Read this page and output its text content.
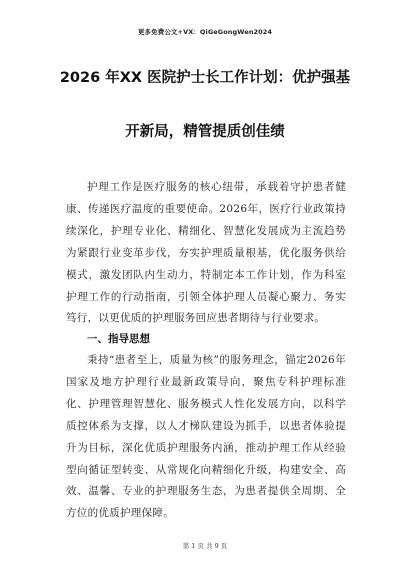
更多免费公文+VX：QiGeGongWen2024
2026 年XX 医院护士长工作计划：优护强基
开新局，精管提质创佳绩
护理工作是医疗服务的核心纽带，承载着守护患者健康、传递医疗温度的重要使命。2026年，医疗行业政策持续深化，护理专业化、精细化、智慧化发展成为主流趋势为紧跟行业变革步伐，夯实护理质量根基，优化服务供给模式，激发团队内生动力，特制定本工作计划，作为科室护理工作的行动指南，引领全体护理人员凝心聚力、务实笃行，以更优质的护理服务回应患者期待与行业要求。
一、指导思想
秉持“患者至上，质量为核”的服务理念，锚定2026年国家及地方护理行业最新政策导向，聚焦专科护理标准化、护理管理智慧化、服务模式人性化发展方向，以科学质控体系为支撑，以人才梯队建设为抓手，以患者体验提升为目标，深化优质护理服务内涵，推动护理工作从经验型向循证型转变、从常规化向精细化升级，构建安全、高效、温馨、专业的护理服务生态，为患者提供全周期、全方位的优质护理保障。
第 1 页 共 9 页
